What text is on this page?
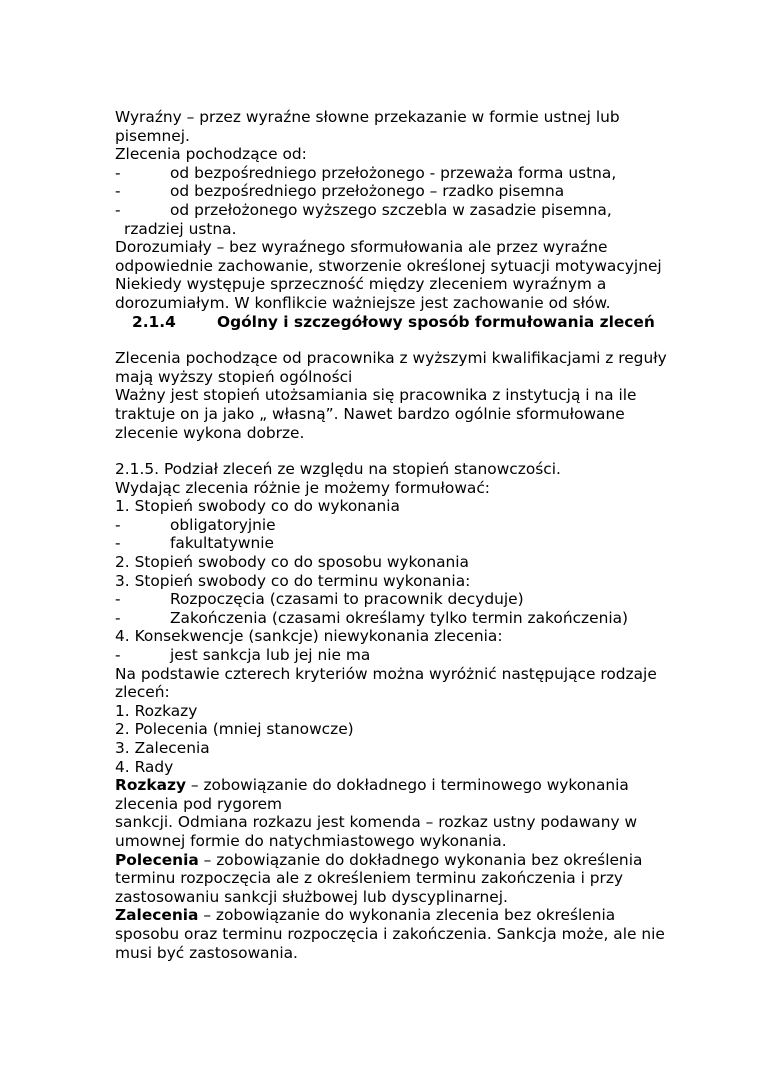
Wyraźny – przez wyraźne słowne przekazanie w formie ustnej lub
pisemnej.
Zlecenia pochodzące od:
-	od bezpośredniego przełożonego - przeważa forma ustna,
-	od bezpośredniego przełożonego – rzadko pisemna
-	od przełożonego wyższego szczebla w zasadzie pisemna,
rzadziej ustna.
Dorozumiały – bez wyraźnego sformułowania ale przez wyraźne
odpowiednie zachowanie, stworzenie określonej sytuacji motywacyjnej
Niekiedy występuje sprzeczność między zleceniem wyraźnym a
dorozumiałym. W konflikcie ważniejsze jest zachowanie od słów.
2.1.4	Ogólny i szczegółowy sposób formułowania zleceń
Zlecenia pochodzące od pracownika z wyższymi kwalifikacjami z reguły
mają wyższy stopień ogólności
Ważny jest stopień utożsamiania się pracownika z instytucją i na ile
traktuje on ja jako „ własną”. Nawet bardzo ogólnie sformułowane
zlecenie wykona dobrze.
2.1.5. Podział zleceń ze względu na stopień stanowczości.
Wydając zlecenia różnie je możemy formułować:
1. Stopień swobody co do wykonania
-	obligatoryjnie
-	fakultatywnie
2. Stopień swobody co do sposobu wykonania
3. Stopień swobody co do terminu wykonania:
-	Rozpoczęcia (czasami to pracownik decyduje)
-	Zakończenia (czasami określamy tylko termin zakończenia)
4. Konsekwencje (sankcje) niewykonania zlecenia:
-	jest sankcja lub jej nie ma
Na podstawie czterech kryteriów można wyróżnić następujące rodzaje
zleceń:
1. Rozkazy
2. Polecenia (mniej stanowcze)
3. Zalecenia
4. Rady
Rozkazy – zobowiązanie do dokładnego i terminowego wykonania
zlecenia pod rygorem
sankcji. Odmiana rozkazu jest komenda – rozkaz ustny podawany w
umownej formie do natychmiastowego wykonania.
Polecenia – zobowiązanie do dokładnego wykonania bez określenia
terminu rozpoczęcia ale z określeniem terminu zakończenia i przy
zastosowaniu sankcji służbowej lub dyscyplinarnej.
Zalecenia – zobowiązanie do wykonania zlecenia bez określenia
sposobu oraz terminu rozpoczęcia i zakończenia. Sankcja może, ale nie
musi być zastosowania.
